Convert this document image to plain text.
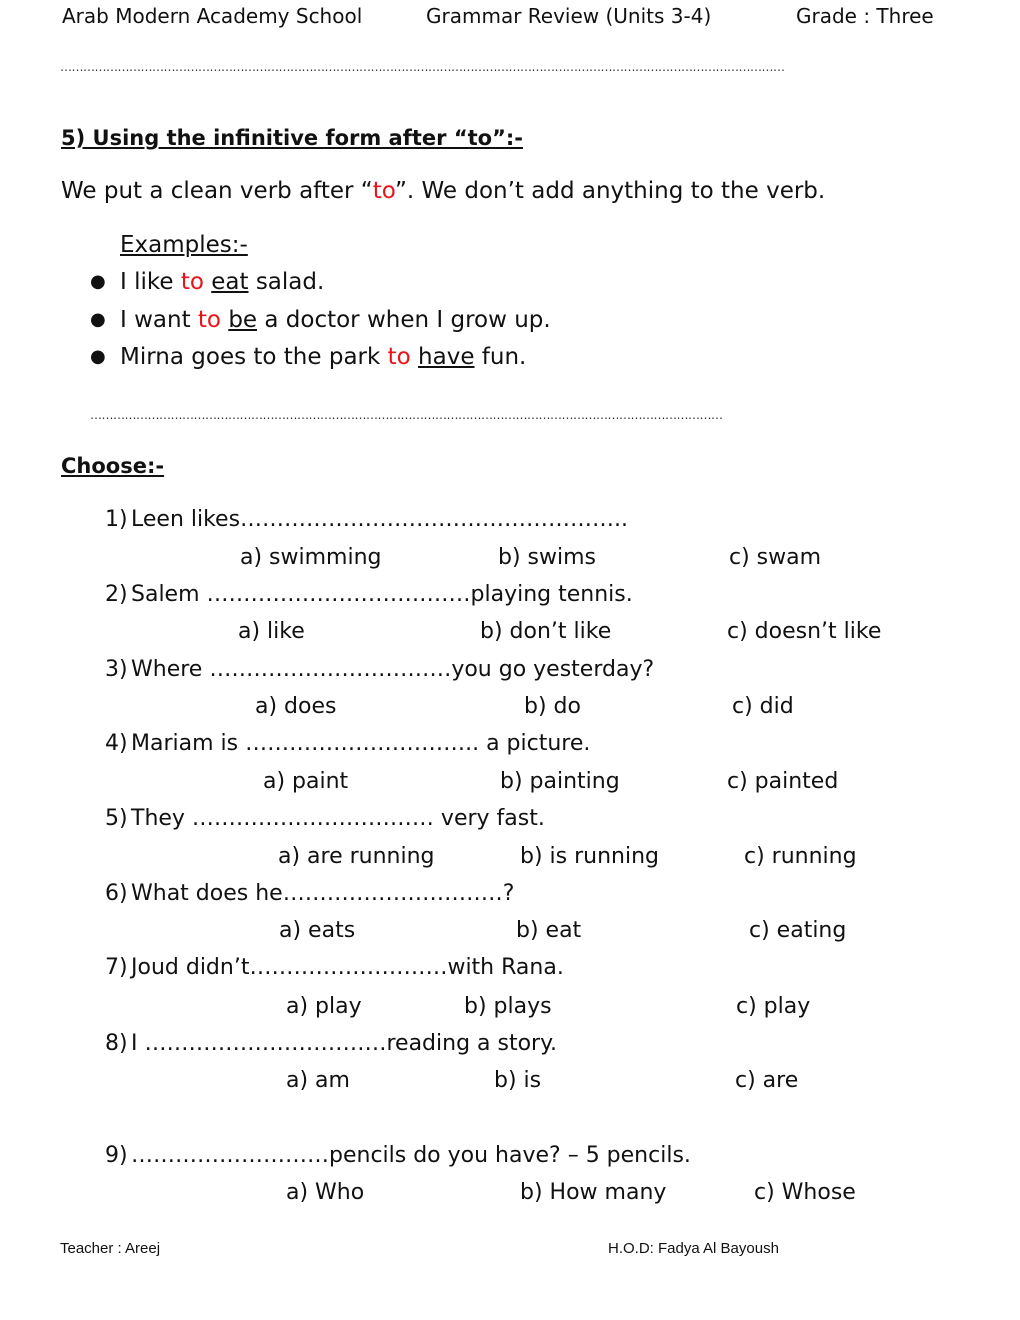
Arab Modern Academy School	Grammar Review (Units 3-4)	Grade : Three
………………………………………………………………………………………………………………………………………………………………………
5) Using the infinitive form after “to”:-
We put a clean verb after “to”. We don’t add anything to the verb.
Examples:-
● I like to eat salad.
● I want to be a doctor when I grow up.
● Mirna goes to the park to have fun.
…………………………………………………………………………………………………………………………………………………
Choose:-
1) Leen likes……………………………………………..
a) swimming	b) swims	c) swam
2) Salem ………………………………playing tennis.
a) like	b) don’t like	c) doesn’t like
3) Where ……………………………you go yesterday?
a) does	b) do	c) did
4) Mariam is ………………………….. a picture.
a) paint	b) painting	c) painted
5) They …………………………… very fast.
a) are running	b) is running	c) running
6) What does he…………………………?
a) eats	b) eat	c) eating
7) Joud didn’t………………………with Rana.
a) play	b) plays	c) play
8) I ……………………………reading a story.
a) am	b) is	c) are
9) ………………………pencils do you have? – 5 pencils.
a) Who	b) How many	c) Whose
Teacher : Areej	H.O.D: Fadya Al Bayoush
